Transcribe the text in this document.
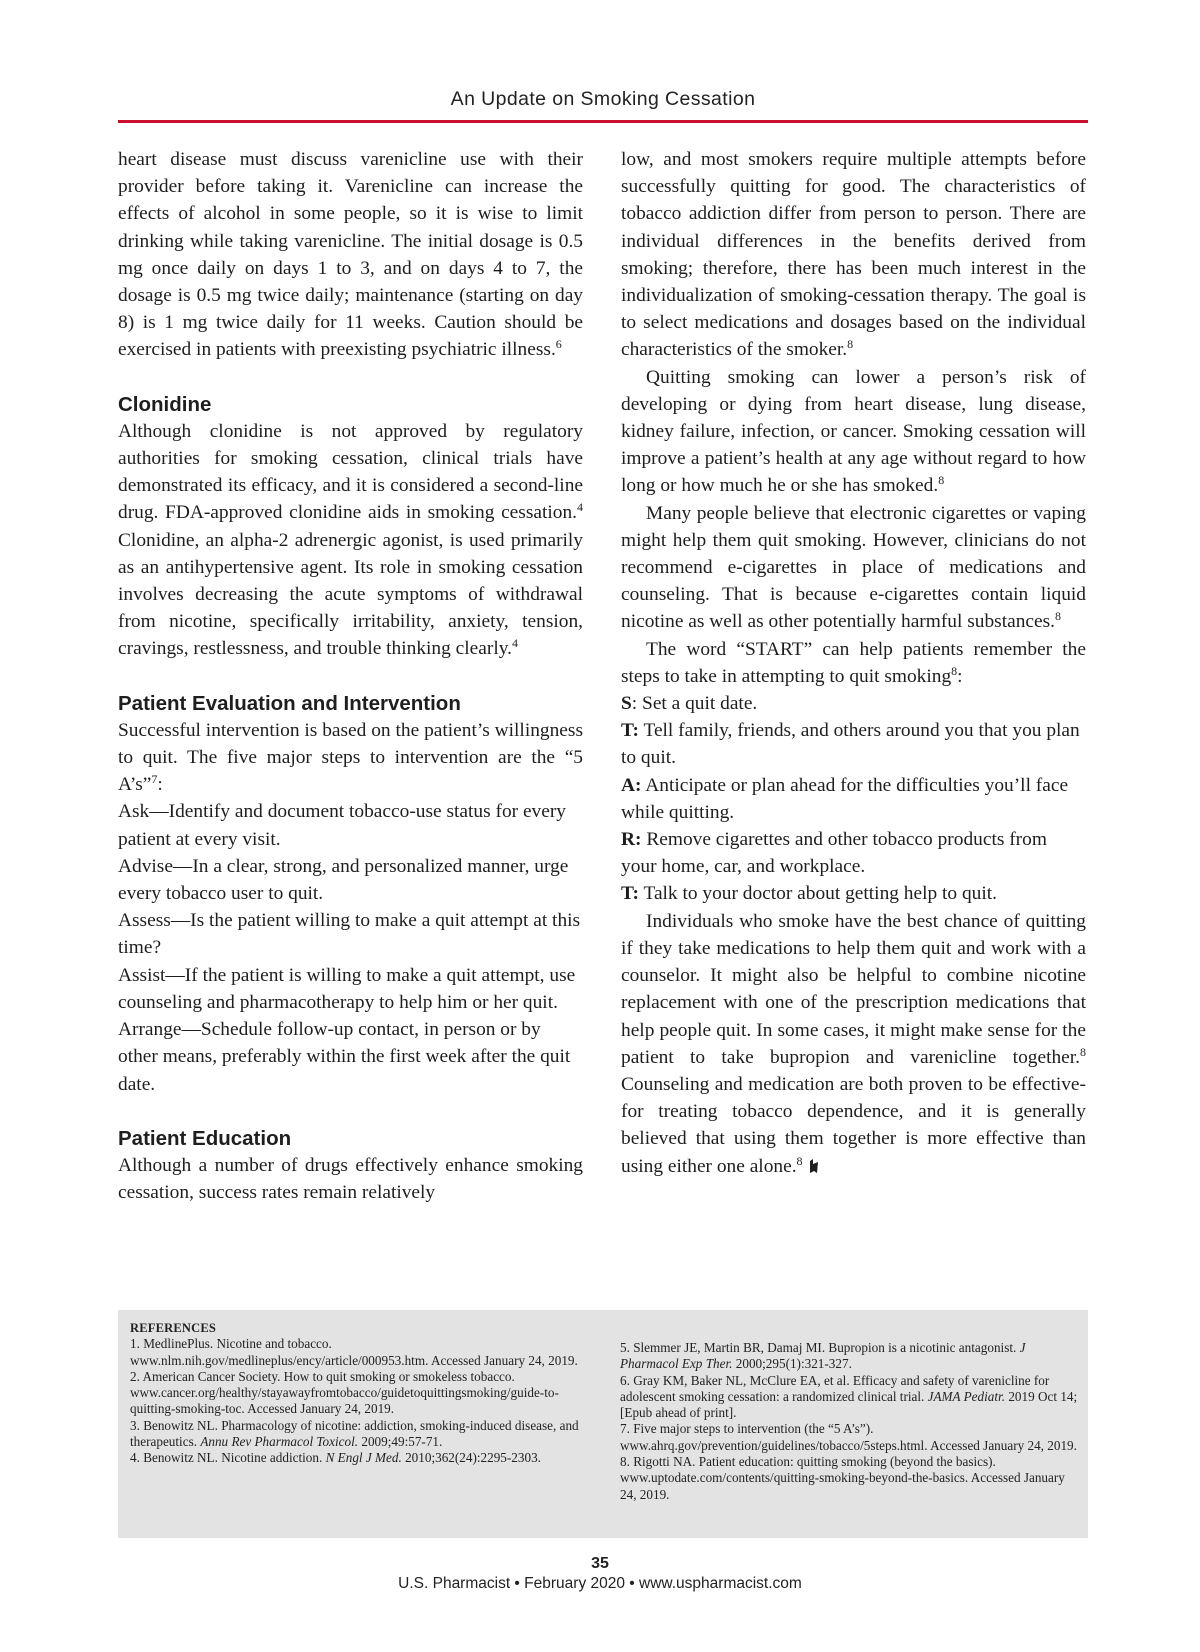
An Update on Smoking Cessation

heart disease must discuss varenicline use with their provider before taking it. Varenicline can increase the effects of alcohol in some people, so it is wise to limit drinking while taking varenicline. The initial dosage is 0.5 mg once daily on days 1 to 3, and on days 4 to 7, the dosage is 0.5 mg twice daily; maintenance (starting on day 8) is 1 mg twice daily for 11 weeks. Caution should be exercised in patients with preexisting psychiatric illness.$^6$

Clonidine

Although clonidine is not approved by regulatory authorities for smoking cessation, clinical trials have demonstrated its efficacy, and it is considered a second-line drug. FDA-approved clonidine aids in smoking cessation.$^4$ Clonidine, an alpha-2 adrenergic agonist, is used primarily as an antihypertensive agent. Its role in smoking cessation involves decreasing the acute symptoms of withdrawal from nicotine, specifically irritability, anxiety, tension, cravings, restlessness, and trouble thinking clearly.$^4$

Patient Evaluation and Intervention

Successful intervention is based on the patient’s willingness to quit. The five major steps to intervention are the “5 A’s”$^7$:

Ask—Identify and document tobacco-use status for every patient at every visit.

Advise—In a clear, strong, and personalized manner, urge every tobacco user to quit.

Assess—Is the patient willing to make a quit attempt at this time?

Assist—If the patient is willing to make a quit attempt, use counseling and pharmacotherapy to help him or her quit.

Arrange—Schedule follow-up contact, in person or by other means, preferably within the first week after the quit date.

Patient Education

Although a number of drugs effectively enhance smoking cessation, success rates remain relatively

low, and most smokers require multiple attempts before successfully quitting for good. The characteristics of tobacco addiction differ from person to person. There are individual differences in the benefits derived from smoking; therefore, there has been much interest in the individualization of smoking-cessation therapy. The goal is to select medications and dosages based on the individual characteristics of the smoker.$^8$

Quitting smoking can lower a person’s risk of developing or dying from heart disease, lung disease, kidney failure, infection, or cancer. Smoking cessation will improve a patient’s health at any age without regard to how long or how much he or she has smoked.$^8$

Many people believe that electronic cigarettes or vaping might help them quit smoking. However, clinicians do not recommend e-cigarettes in place of medications and counseling. That is because e-cigarettes contain liquid nicotine as well as other potentially harmful substances.$^8$

The word “START” can help patients remember the steps to take in attempting to quit smoking$^8$:

S: Set a quit date.

T: Tell family, friends, and others around you that you plan to quit.

A: Anticipate or plan ahead for the difficulties you’ll face while quitting.

R: Remove cigarettes and other tobacco products from your home, car, and workplace.

T: Talk to your doctor about getting help to quit.

Individuals who smoke have the best chance of quitting if they take medications to help them quit and work with a counselor. It might also be helpful to combine nicotine replacement with one of the prescription medications that help people quit. In some cases, it might make sense for the patient to take bupropion and varenicline together.$^8$ Counseling and medication are both proven to be effective-for treating tobacco dependence, and it is generally believed that using them together is more effective than using either one alone.$^8$

REFERENCES

1. MedlinePlus. Nicotine and tobacco. www.nlm.nih.gov/medlineplus/ency/article/000953.htm. Accessed January 24, 2019.

2. American Cancer Society. How to quit smoking or smokeless tobacco. www.cancer.org/healthy/stayawayfromtobacco/guidetoquittingsmoking/guide-to-quitting-smoking-toc. Accessed January 24, 2019.

3. Benowitz NL. Pharmacology of nicotine: addiction, smoking-induced disease, and therapeutics. Annu Rev Pharmacol Toxicol. 2009;49:57-71.

4. Benowitz NL. Nicotine addiction. N Engl J Med. 2010;362(24):2295-2303.

5. Slemmer JE, Martin BR, Damaj MI. Bupropion is a nicotinic antagonist. J Pharmacol Exp Ther. 2000;295(1):321-327.

6. Gray KM, Baker NL, McClure EA, et al. Efficacy and safety of varenicline for adolescent smoking cessation: a randomized clinical trial. JAMA Pediatr. 2019 Oct 14; [Epub ahead of print].

7. Five major steps to intervention (the “5 A’s”). www.ahrq.gov/prevention/guidelines/tobacco/5steps.html. Accessed January 24, 2019.

8. Rigotti NA. Patient education: quitting smoking (beyond the basics). www.uptodate.com/contents/quitting-smoking-beyond-the-basics. Accessed January 24, 2019.

35
U.S. Pharmacist • February 2020 • www.uspharmacist.com
